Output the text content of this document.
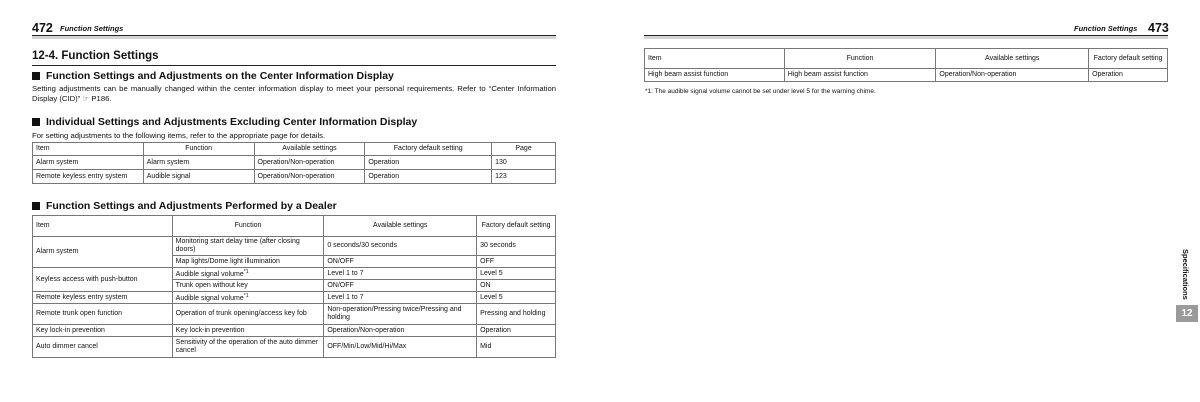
472 Function Settings
12-4. Function Settings
Function Settings and Adjustments on the Center Information Display
Setting adjustments can be manually changed within the center information display to meet your personal requirements. Refer to “Center Information Display (CID)” ☞ P186.
Individual Settings and Adjustments Excluding Center Information Display
For setting adjustments to the following items, refer to the appropriate page for details.
Item	Function	Available settings	Factory default setting	Page
Alarm system	Alarm system	Operation/Non-operation	Operation	130
Remote keyless entry system	Audible signal	Operation/Non-operation	Operation	123
Function Settings and Adjustments Performed by a Dealer
Item	Function	Available settings	Factory default setting
Alarm system	Monitoring start delay time (after closing doors)	0 seconds/30 seconds	30 seconds
	Map lights/Dome light illumination	ON/OFF	OFF
Keyless access with push-button	Audible signal volume$^{*1}$	Level 1 to 7	Level 5
	Trunk open without key	ON/OFF	ON
Remote keyless entry system	Audible signal volume$^{*1}$	Level 1 to 7	Level 5
Remote trunk open function	Operation of trunk opening/access key fob	Non-operation/Pressing twice/Pressing and holding	Pressing and holding
Key lock-in prevention	Key lock-in prevention	Operation/Non-operation	Operation
Auto dimmer cancel	Sensitivity of the operation of the auto dimmer cancel	OFF/Min/Low/Mid/Hi/Max	Mid
Function Settings 473
Item	Function	Available settings	Factory default setting
High beam assist function	High beam assist function	Operation/Non-operation	Operation
*1: The audible signal volume cannot be set under level 5 for the warning chime.
Specifications
12
